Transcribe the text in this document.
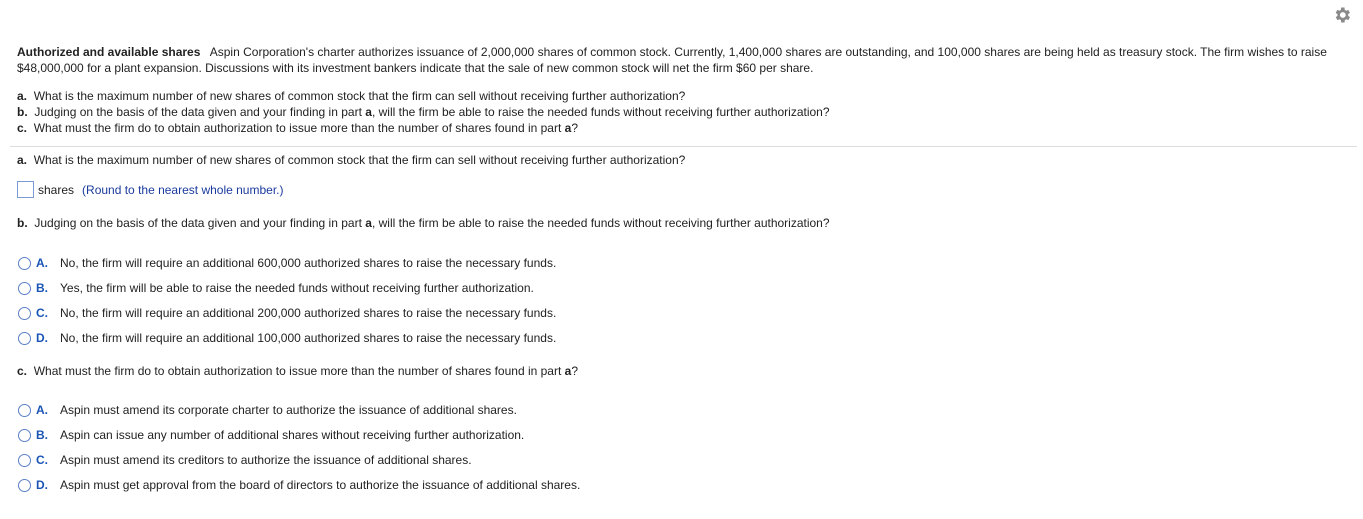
Authorized and available shares Aspin Corporation's charter authorizes issuance of 2,000,000 shares of common stock. Currently, 1,400,000 shares are outstanding, and 100,000 shares are being held as treasury stock. The firm wishes to raise $48,000,000 for a plant expansion. Discussions with its investment bankers indicate that the sale of new common stock will net the firm $60 per share.

a. What is the maximum number of new shares of common stock that the firm can sell without receiving further authorization?
b. Judging on the basis of the data given and your finding in part a, will the firm be able to raise the needed funds without receiving further authorization?
c. What must the firm do to obtain authorization to issue more than the number of shares found in part a?
a. What is the maximum number of new shares of common stock that the firm can sell without receiving further authorization?
shares (Round to the nearest whole number.)
b. Judging on the basis of the data given and your finding in part a, will the firm be able to raise the needed funds without receiving further authorization?
A.	No, the firm will require an additional 600,000 authorized shares to raise the necessary funds.
B.	Yes, the firm will be able to raise the needed funds without receiving further authorization.
C.	No, the firm will require an additional 200,000 authorized shares to raise the necessary funds.
D.	No, the firm will require an additional 100,000 authorized shares to raise the necessary funds.
c. What must the firm do to obtain authorization to issue more than the number of shares found in part a?
A.	Aspin must amend its corporate charter to authorize the issuance of additional shares.
B.	Aspin can issue any number of additional shares without receiving further authorization.
C.	Aspin must amend its creditors to authorize the issuance of additional shares.
D.	Aspin must get approval from the board of directors to authorize the issuance of additional shares.
